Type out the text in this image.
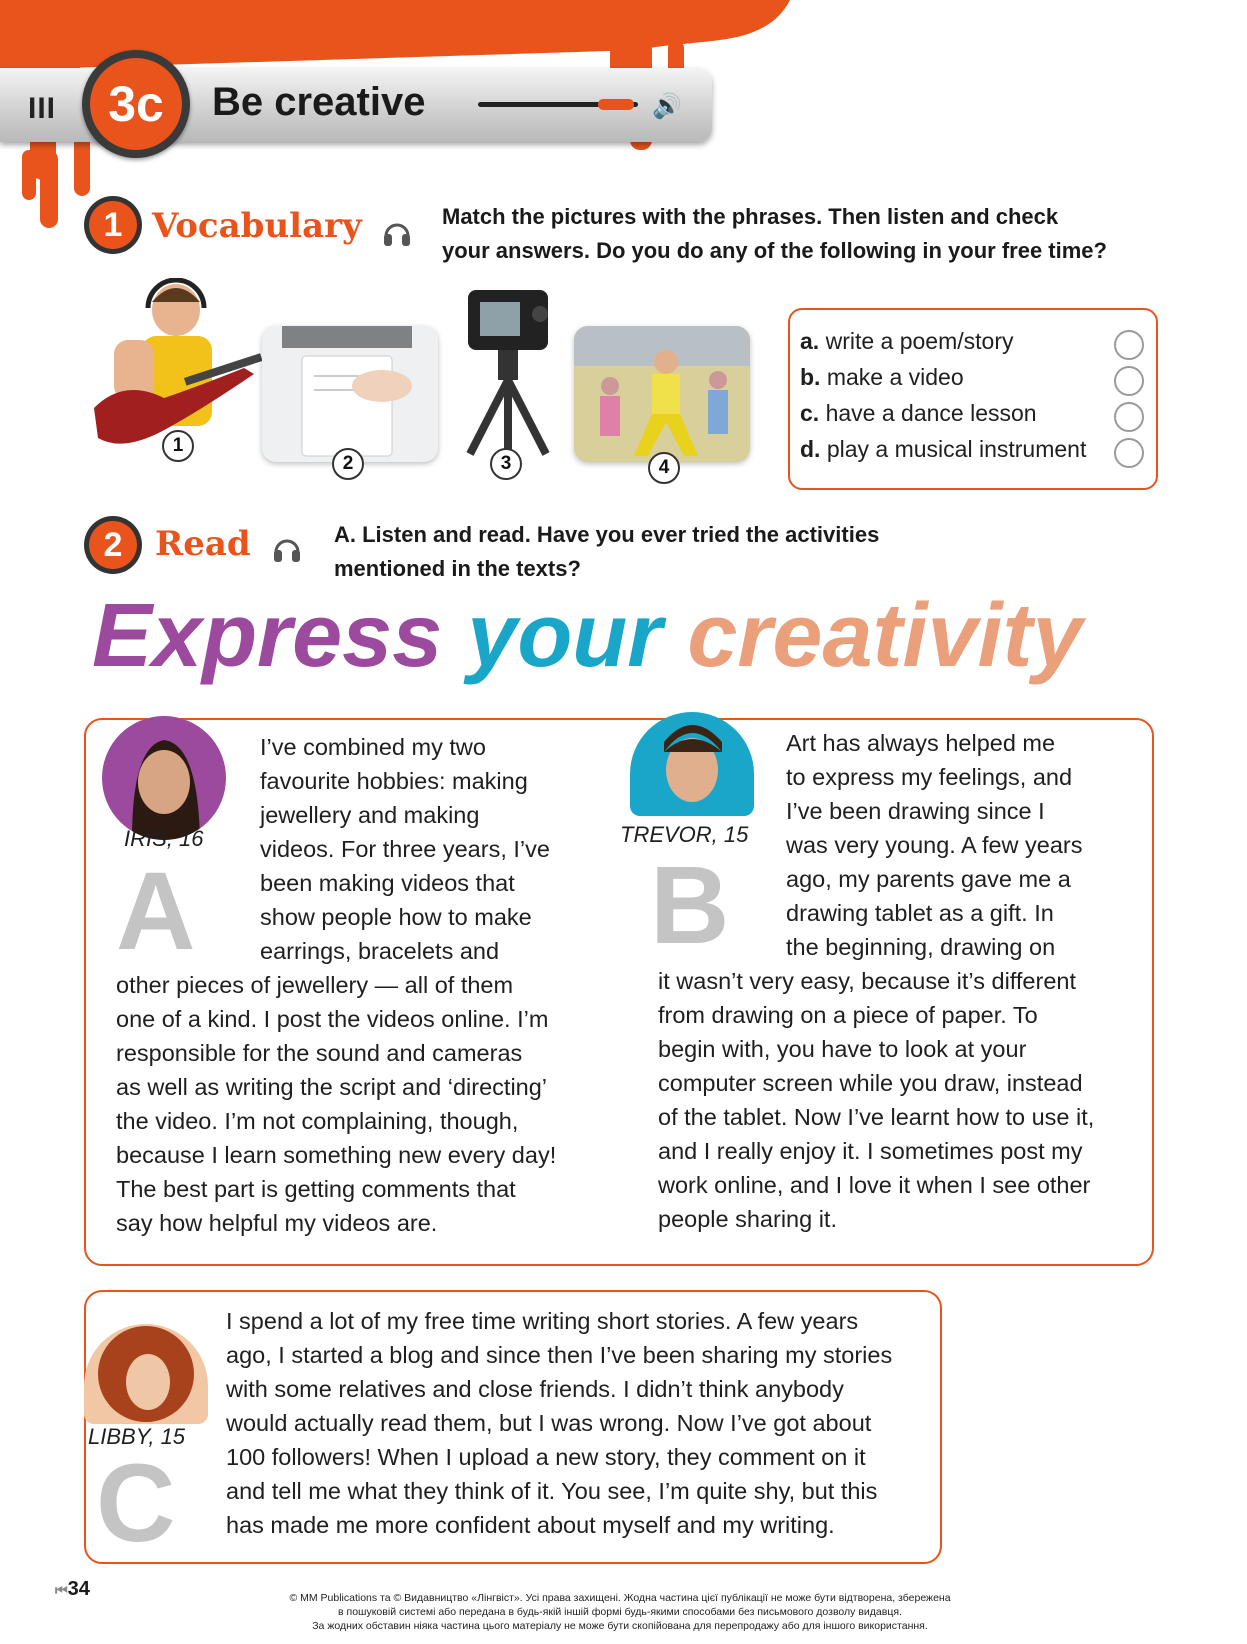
III	3c	Be creative	🔊
1 Vocabulary	Match the pictures with the phrases. Then listen and check
your answers. Do you do any of the following in your free time?
1
2	3	4
a. write a poem/story
b. make a video
c. have a dance lesson
d. play a musical instrument
2 Read	A. Listen and read. Have you ever tried the activities
mentioned in the texts?
Express your creativity
IRIS, 16
A
I’ve combined my two
favourite hobbies: making
jewellery and making
videos. For three years, I’ve
been making videos that
show people how to make
earrings, bracelets and
other pieces of jewellery — all of them
one of a kind. I post the videos online. I’m
responsible for the sound and cameras
as well as writing the script and ‘directing’
the video. I’m not complaining, though,
because I learn something new every day!
The best part is getting comments that
say how helpful my videos are.
TREVOR, 15
B
Art has always helped me
to express my feelings, and
I’ve been drawing since I
was very young. A few years
ago, my parents gave me a
drawing tablet as a gift. In
the beginning, drawing on
it wasn’t very easy, because it’s different
from drawing on a piece of paper. To
begin with, you have to look at your
computer screen while you draw, instead
of the tablet. Now I’ve learnt how to use it,
and I really enjoy it. I sometimes post my
work online, and I love it when I see other
people sharing it.
LIBBY, 15
C
I spend a lot of my free time writing short stories. A few years
ago, I started a blog and since then I’ve been sharing my stories
with some relatives and close friends. I didn’t think anybody
would actually read them, but I was wrong. Now I’ve got about
100 followers! When I upload a new story, they comment on it
and tell me what they think of it. You see, I’m quite shy, but this
has made me more confident about myself and my writing.
⏮34	© MM Publications та © Видавництво «Лінгвіст». Усі права захищені. Жодна частина цієї публікації не може бути відтворена, збережена
в пошуковій системі або передана в будь-якій іншій формі будь-якими способами без письмового дозволу видавця.
За жодних обставин ніяка частина цього матеріалу не може бути скопійована для перепродажу або для іншого використання.
